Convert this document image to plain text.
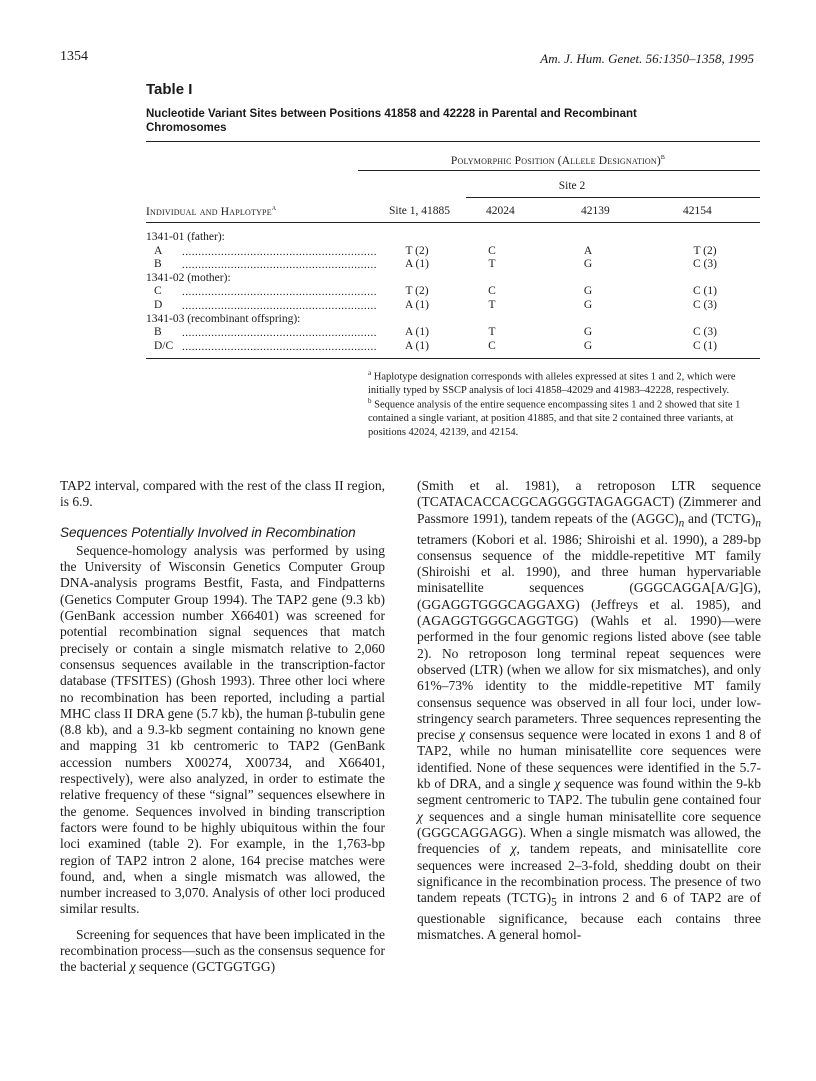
1354	Am. J. Hum. Genet. 56:1350–1358, 1995
Table I
Nucleotide Variant Sites between Positions 41858 and 42228 in Parental and Recombinant Chromosomes
Polymorphic Position (Allele Designation)$^b$
Site 2
Individual and Haplotype$^a$	Site 1, 41885	42024	42139	42154
1341-01 (father):
A ............................................................ T (2)	C	A	T (2)
B ............................................................ A (1)	T	G	C (3)
1341-02 (mother):
C ............................................................ T (2)	C	G	C (1)
D ............................................................ A (1)	T	G	C (3)
1341-03 (recombinant offspring):
B ............................................................ A (1)	T	G	C (3)
D/C ............................................................ A (1)	C	G	C (1)
$^a$ Haplotype designation corresponds with alleles expressed at sites 1 and 2, which were initially typed by SSCP analysis of loci 41858–42029 and 41983–42228, respectively.
$^b$ Sequence analysis of the entire sequence encompassing sites 1 and 2 showed that site 1 contained a single variant, at position 41885, and that site 2 contained three variants, at positions 42024, 42139, and 42154.

TAP2 interval, compared with the rest of the class II region, is 6.9.

Sequences Potentially Involved in Recombination

Sequence-homology analysis was performed by using the University of Wisconsin Genetics Computer Group DNA-analysis programs Bestfit, Fasta, and Findpatterns (Genetics Computer Group 1994). The TAP2 gene (9.3 kb) (GenBank accession number X66401) was screened for potential recombination signal sequences that match precisely or contain a single mismatch relative to 2,060 consensus sequences available in the transcription-factor database (TFSITES) (Ghosh 1993). Three other loci where no recombination has been reported, including a partial MHC class II DRA gene (5.7 kb), the human β-tubulin gene (8.8 kb), and a 9.3-kb segment containing no known gene and mapping 31 kb centromeric to TAP2 (GenBank accession numbers X00274, X00734, and X66401, respectively), were also analyzed, in order to estimate the relative frequency of these “signal” sequences elsewhere in the genome. Sequences involved in binding transcription factors were found to be highly ubiquitous within the four loci examined (table 2). For example, in the 1,763-bp region of TAP2 intron 2 alone, 164 precise matches were found, and, when a single mismatch was allowed, the number increased to 3,070. Analysis of other loci produced similar results.

Screening for sequences that have been implicated in the recombination process—such as the consensus sequence for the bacterial χ sequence (GCTGGTGG)

(Smith et al. 1981), a retroposon LTR sequence (TCATACACCACGCAGGGGTAGAGGACT) (Zimmerer and Passmore 1991), tandem repeats of the $(AGGC)_n$ and $(TCTG)_n$ tetramers (Kobori et al. 1986; Shiroishi et al. 1990), a 289-bp consensus sequence of the middle-repetitive MT family (Shiroishi et al. 1990), and three human hypervariable minisatellite sequences (GGGCAGGA[A/G]G), (GGAGGTGGGCAGGAXG) (Jeffreys et al. 1985), and (AGAGGTGGGCAGGTGG) (Wahls et al. 1990)—were performed in the four genomic regions listed above (see table 2). No retroposon long terminal repeat sequences were observed (LTR) (when we allow for six mismatches), and only 61%–73% identity to the middle-repetitive MT family consensus sequence was observed in all four loci, under low-stringency search parameters. Three sequences representing the precise χ consensus sequence were located in exons 1 and 8 of TAP2, while no human minisatellite core sequences were identified. None of these sequences were identified in the 5.7-kb of DRA, and a single χ sequence was found within the 9-kb segment centromeric to TAP2. The tubulin gene contained four χ sequences and a single human minisatellite core sequence (GGGCAGGAGG). When a single mismatch was allowed, the frequencies of χ, tandem repeats, and minisatellite core sequences were increased 2–3-fold, shedding doubt on their significance in the recombination process. The presence of two tandem repeats $(TCTG)_5$ in introns 2 and 6 of TAP2 are of questionable significance, because each contains three mismatches. A general homol-
